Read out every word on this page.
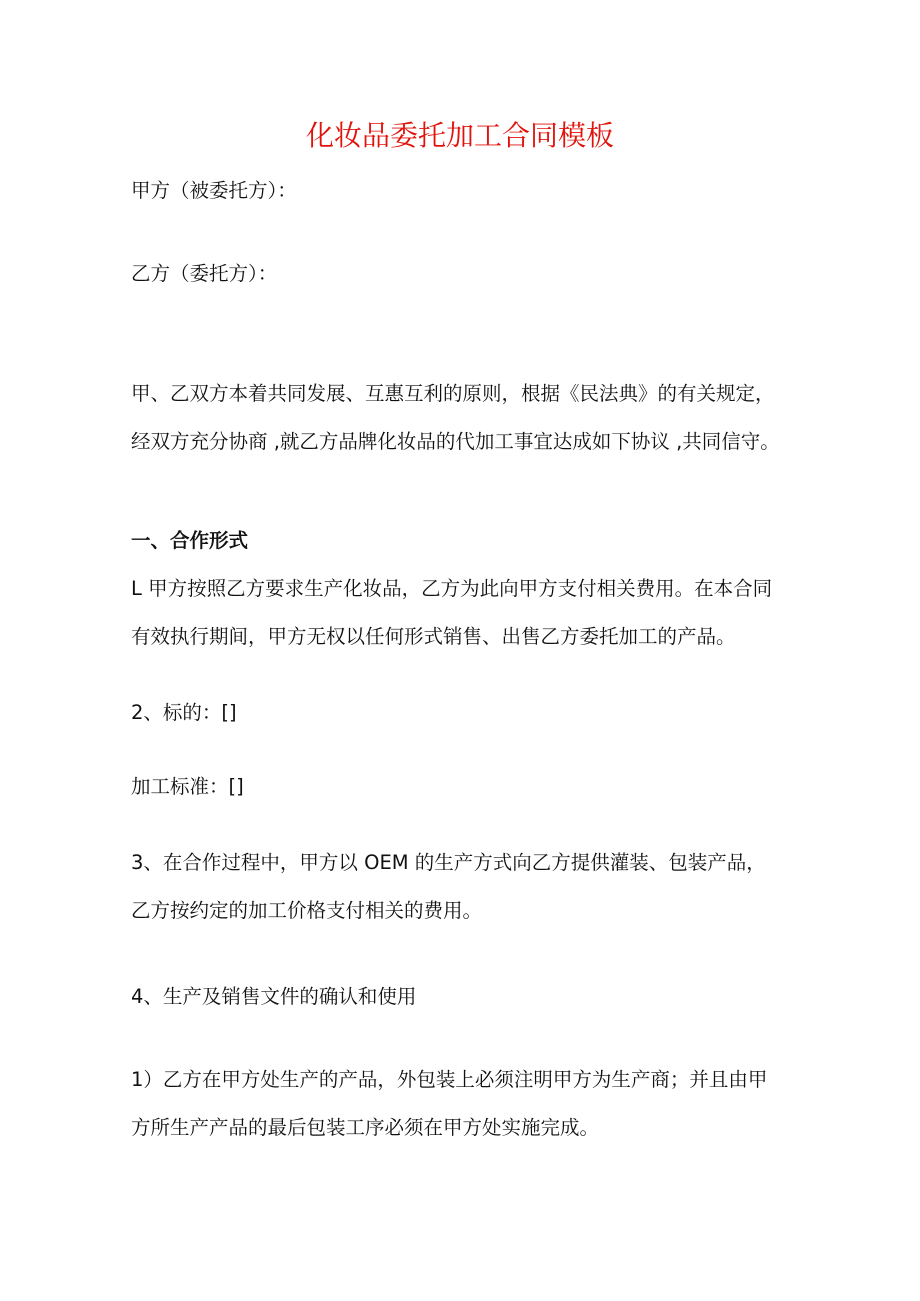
化妆品委托加工合同模板
甲方（被委托方）：
乙方（委托方）：
甲、乙双方本着共同发展、互惠互利的原则，根据《民法典》的有关规定，
经双方充分协商 ,就乙方品牌化妆品的代加工事宜达成如下协议 ,共同信守。
一、合作形式
L 甲方按照乙方要求生产化妆品，乙方为此向甲方支付相关费用。在本合同
有效执行期间，甲方无权以任何形式销售、出售乙方委托加工的产品。
2、标的：[]
加工标准：[]
3、在合作过程中，甲方以 OEM 的生产方式向乙方提供灌装、包装产品，
乙方按约定的加工价格支付相关的费用。
4、生产及销售文件的确认和使用
1）乙方在甲方处生产的产品，外包装上必须注明甲方为生产商；并且由甲
方所生产产品的最后包装工序必须在甲方处实施完成。
